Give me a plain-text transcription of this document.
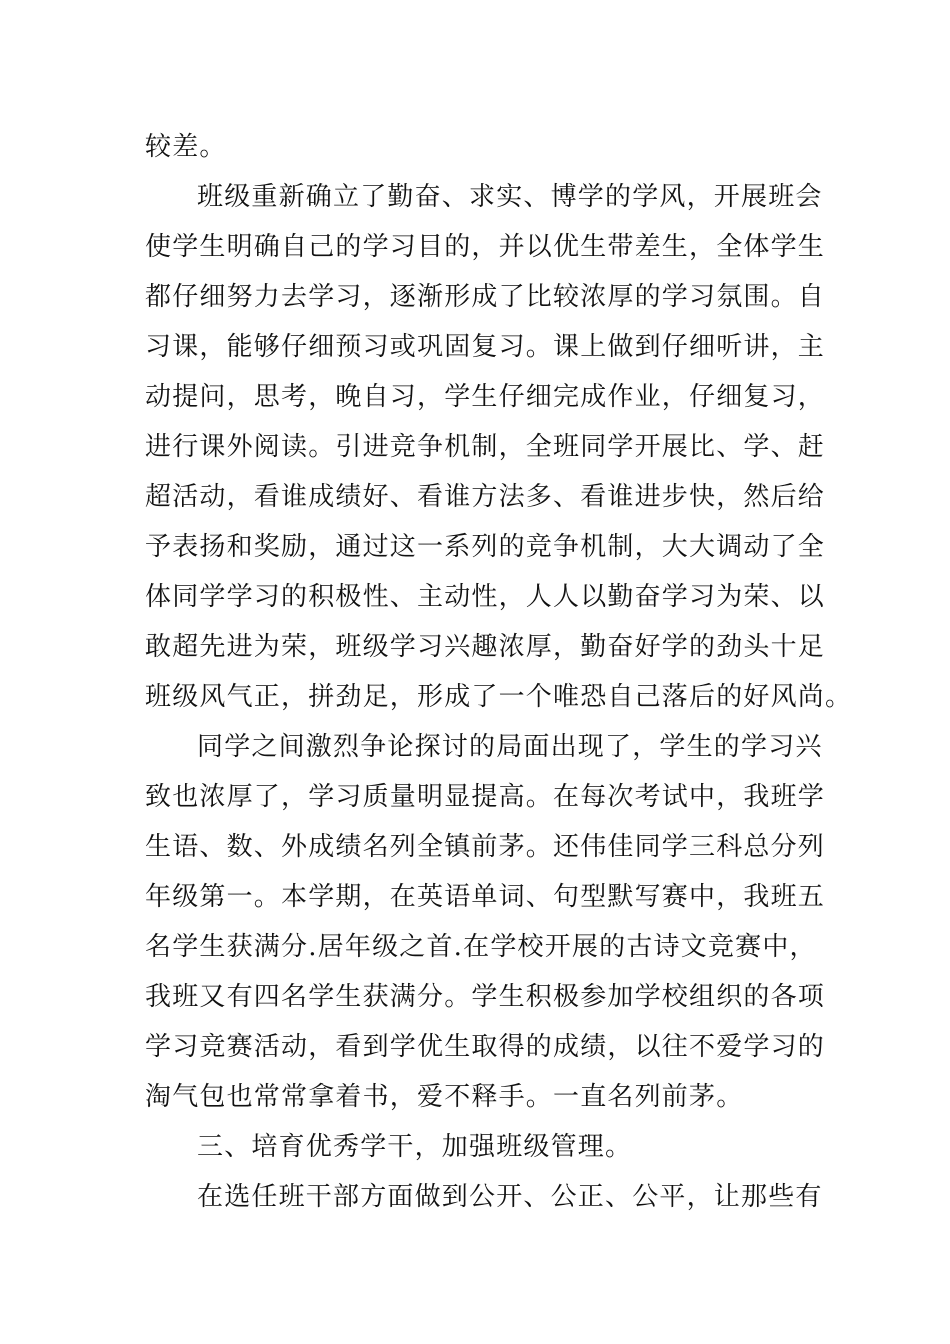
较差。
班级重新确立了勤奋、求实、博学的学风，开展班会
使学生明确自己的学习目的，并以优生带差生，全体学生
都仔细努力去学习，逐渐形成了比较浓厚的学习氛围。自
习课，能够仔细预习或巩固复习。课上做到仔细听讲，主
动提问，思考，晚自习，学生仔细完成作业，仔细复习，
进行课外阅读。引进竞争机制，全班同学开展比、学、赶
超活动，看谁成绩好、看谁方法多、看谁进步快，然后给
予表扬和奖励，通过这一系列的竞争机制，大大调动了全
体同学学习的积极性、主动性，人人以勤奋学习为荣、以
敢超先进为荣，班级学习兴趣浓厚，勤奋好学的劲头十足
班级风气正，拼劲足，形成了一个唯恐自己落后的好风尚。
同学之间激烈争论探讨的局面出现了，学生的学习兴
致也浓厚了，学习质量明显提高。在每次考试中，我班学
生语、数、外成绩名列全镇前茅。还伟佳同学三科总分列
年级第一。本学期，在英语单词、句型默写赛中，我班五
名学生获满分.居年级之首.在学校开展的古诗文竞赛中，
我班又有四名学生获满分。学生积极参加学校组织的各项
学习竞赛活动，看到学优生取得的成绩，以往不爱学习的
淘气包也常常拿着书，爱不释手。一直名列前茅。
三、培育优秀学干，加强班级管理。
在选任班干部方面做到公开、公正、公平，让那些有
